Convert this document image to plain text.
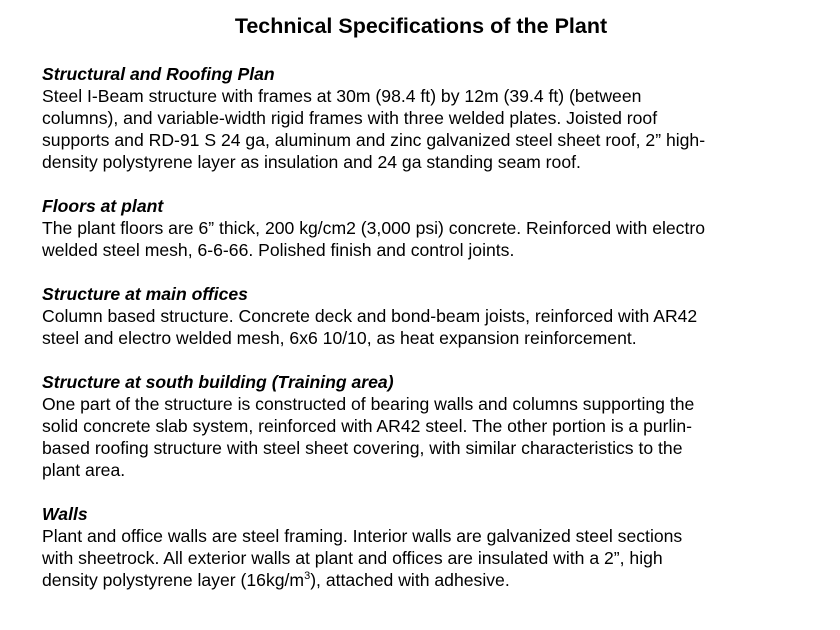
Technical Specifications of the Plant
Structural and Roofing Plan

Steel I-Beam structure with frames at 30m (98.4 ft) by 12m (39.4 ft) (between
columns), and variable-width rigid frames with three welded plates. Joisted roof
supports and RD-91 S 24 ga, aluminum and zinc galvanized steel sheet roof, 2” high-
density polystyrene layer as insulation and 24 ga standing seam roof.

Floors at plant

The plant floors are 6” thick, 200 kg/cm2 (3,000 psi) concrete. Reinforced with electro
welded steel mesh, 6-6-66. Polished finish and control joints.

Structure at main offices

Column based structure. Concrete deck and bond-beam joists, reinforced with AR42
steel and electro welded mesh, 6x6 10/10, as heat expansion reinforcement.

Structure at south building (Training area)

One part of the structure is constructed of bearing walls and columns supporting the
solid concrete slab system, reinforced with AR42 steel. The other portion is a purlin-
based roofing structure with steel sheet covering, with similar characteristics to the
plant area.

Walls

Plant and office walls are steel framing. Interior walls are galvanized steel sections
with sheetrock. All exterior walls at plant and offices are insulated with a 2”, high
density polystyrene layer $(16kg/m^3)$, attached with adhesive.
